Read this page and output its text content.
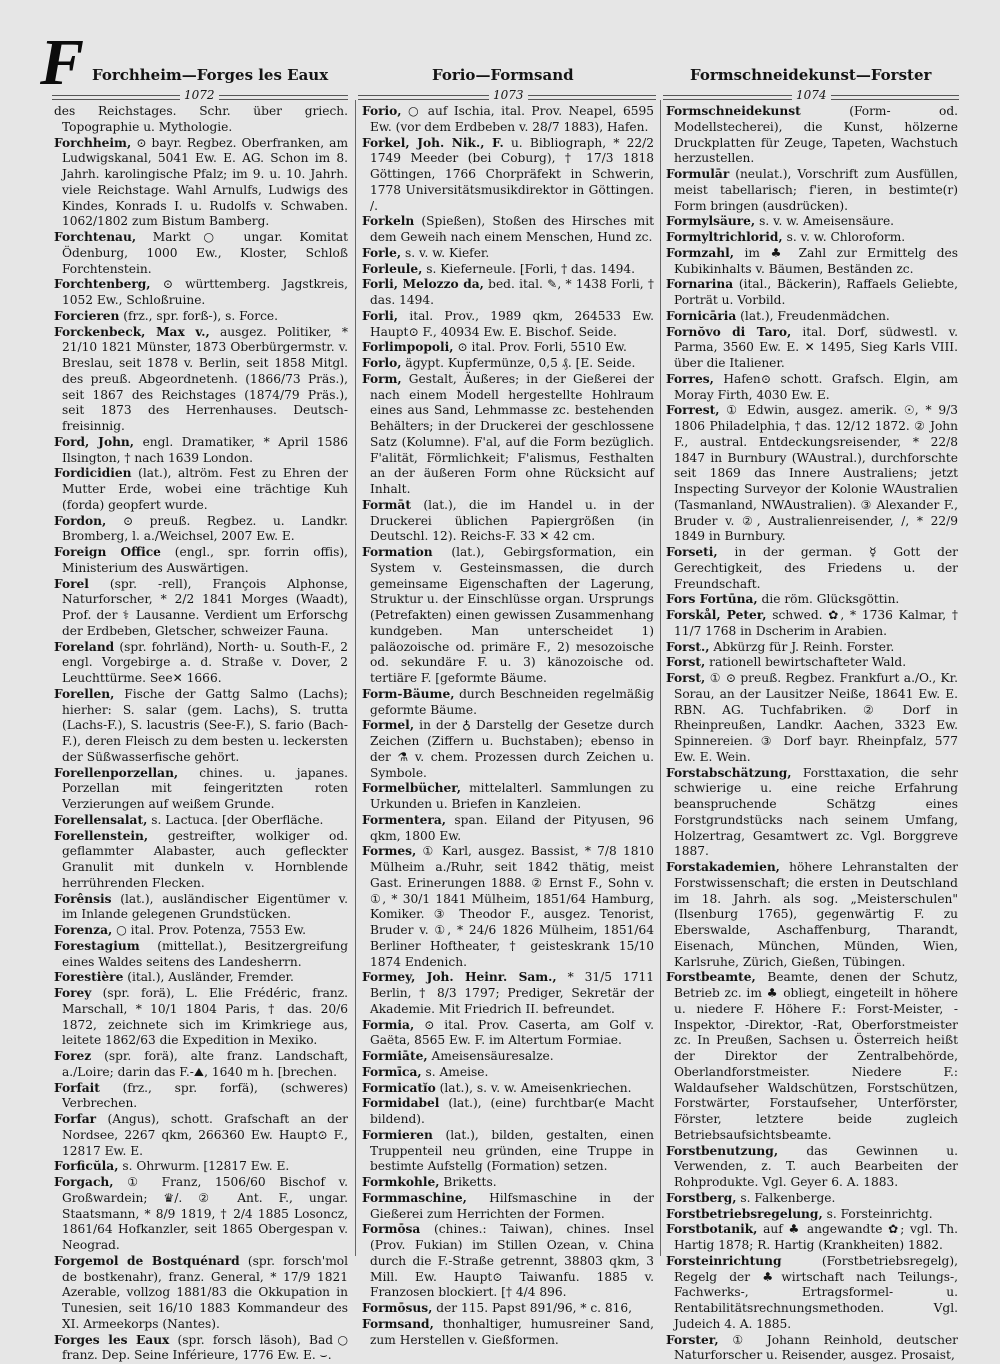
F Forchheim—Forges les Eaux	Forio—Formsand	Formschneidekunst—Forster
1072	1073	1074

des Reichstages. Schr. über griech. Topographie u. Mythologie.

Forchheim, ⊙ bayr. Regbez. Oberfranken, am Ludwigskanal, 5041 Ew. E. AG. Schon im 8. Jahrh. karolingische Pfalz; im 9. u. 10. Jahrh. viele Reichstage. Wahl Arnulfs, Ludwigs des Kindes, Konrads I. u. Rudolfs v. Schwaben. 1062/1802 zum Bistum Bamberg.

Forchtenau, Markt○ ungar. Komitat Ödenburg, 1000 Ew., Kloster, Schloß Forchtenstein.

Forchtenberg, ⊙ württemberg. Jagstkreis, 1052 Ew., Schloßruine.

Forcieren (frz., spr. forß-), s. Force.

Forckenbeck, Max v., ausgez. Politiker, * 21/10 1821 Münster, 1873 Oberbürgermstr. v. Breslau, seit 1878 v. Berlin, seit 1858 Mitgl. des preuß. Abgeordnetenh. (1866/73 Präs.), seit 1867 des Reichstages (1874/79 Präs.), seit 1873 des Herrenhauses. Deutsch-freisinnig.

Ford, John, engl. Dramatiker, * April 1586 Ilsington, † nach 1639 London.

Fordicidien (lat.), altröm. Fest zu Ehren der Mutter Erde, wobei eine trächtige Kuh (forda) geopfert wurde.

Fordon, ⊙ preuß. Regbez. u. Landkr. Bromberg, l. a./Weichsel, 2007 Ew. E.

Foreign Office (engl., spr. forrin offis), Ministerium des Auswärtigen.

Forel (spr. -rell), François Alphonse, Naturforscher, * 2/2 1841 Morges (Waadt), Prof. der ⚕ Lausanne. Verdient um Erforschg der Erdbeben, Gletscher, schweizer Fauna.

Foreland (spr. fohrländ), North- u. South-F., 2 engl. Vorgebirge a. d. Straße v. Dover, 2 Leuchttürme. See✕ 1666.

Forellen, Fische der Gattg Salmo (Lachs); hierher: S. salar (gem. Lachs), S. trutta (Lachs-F.), S. lacustris (See-F.), S. fario (Bach-F.), deren Fleisch zu dem besten u. leckersten der Süßwasserfische gehört.

Forellenporzellan, chines. u. japanes. Porzellan mit feingeritzten roten Verzierungen auf weißem Grunde.

Forellensalat, s. Lactuca. [der Oberfläche.

Forellenstein, gestreifter, wolkiger od. geflammter Alabaster, auch gefleckter Granulit mit dunkeln v. Hornblende herrührenden Flecken.

Forênsis (lat.), ausländischer Eigentümer v. im Inlande gelegenen Grundstücken.

Forenza, ○ ital. Prov. Potenza, 7553 Ew.

Forestagium (mittellat.), Besitzergreifung eines Waldes seitens des Landesherrn.

Forestière (ital.), Ausländer, Fremder.

Forey (spr. forä), L. Elie Frédéric, franz. Marschall, * 10/1 1804 Paris, † das. 20/6 1872, zeichnete sich im Krimkriege aus, leitete 1862/63 die Expedition in Mexiko.

Forez (spr. forä), alte franz. Landschaft, a./Loire; darin das F.-⛰, 1640 m h. [brechen.

Forfait (frz., spr. forfä), (schweres) Verbrechen.

Forfar (Angus), schott. Grafschaft an der Nordsee, 2267 qkm, 266360 Ew. Haupt⊙ F., 12817 Ew. E.

Forficŭla, s. Ohrwurm. [12817 Ew. E.

Forgach, ① Franz, 1506/60 Bischof v. Großwardein; ♛/. ② Ant. F., ungar. Staatsmann, * 8/9 1819, † 2/4 1885 Losoncz, 1861/64 Hofkanzler, seit 1865 Obergespan v. Neograd.

Forgemol de Bostquénard (spr. forsch'mol de bostkenahr), franz. General, * 17/9 1821 Azerable, vollzog 1881/83 die Okkupation in Tunesien, seit 16/10 1883 Kommandeur des XI. Armeekorps (Nantes).

Forges les Eaux (spr. forsch läsoh), Bad○ franz. Dep. Seine Inférieure, 1776 Ew. E. ⌣.

Forio, ○ auf Ischia, ital. Prov. Neapel, 6595 Ew. (vor dem Erdbeben v. 28/7 1883), Hafen.

Forkel, Joh. Nik., F. u. Bibliograph, * 22/2 1749 Meeder (bei Coburg), † 17/3 1818 Göttingen, 1766 Chorpräfekt in Schwerin, 1778 Universitätsmusikdirektor in Göttingen. /.

Forkeln (Spießen), Stoßen des Hirsches mit dem Geweih nach einem Menschen, Hund zc.

Forle, s. v. w. Kiefer.

Forleule, s. Kieferneule. [Forli, † das. 1494.

Forli, Melozzo da, bed. ital. ✎, * 1438 Forli, † das. 1494.

Forli, ital. Prov., 1989 qkm, 264533 Ew. Haupt⊙ F., 40934 Ew. E. Bischof. Seide.

Forlimpopoli, ⊙ ital. Prov. Forli, 5510 Ew.

Forlo, ägypt. Kupfermünze, 0,5 ₰. [E. Seide.

Form, Gestalt, Äußeres; in der Gießerei der nach einem Modell hergestellte Hohlraum eines aus Sand, Lehmmasse zc. bestehenden Behälters; in der Druckerei der geschlossene Satz (Kolumne). F'al, auf die Form bezüglich. F'alität, Förmlichkeit; F'alismus, Festhalten an der äußeren Form ohne Rücksicht auf Inhalt.

Formāt (lat.), die im Handel u. in der Druckerei üblichen Papiergrößen (in Deutschl. 12). Reichs-F. 33 ✕ 42 cm.

Formation (lat.), Gebirgsformation, ein System v. Gesteinsmassen, die durch gemeinsame Eigenschaften der Lagerung, Struktur u. der Einschlüsse organ. Ursprungs (Petrefakten) einen gewissen Zusammenhang kundgeben. Man unterscheidet 1) paläozoische od. primäre F., 2) mesozoische od. sekundäre F. u. 3) känozoische od. tertiäre F. [geformte Bäume.

Form-Bäume, durch Beschneiden regelmäßig geformte Bäume.

Formel, in der ♁ Darstellg der Gesetze durch Zeichen (Ziffern u. Buchstaben); ebenso in der ⚗ v. chem. Prozessen durch Zeichen u. Symbole.

Formelbücher, mittelalterl. Sammlungen zu Urkunden u. Briefen in Kanzleien.

Formentera, span. Eiland der Pityusen, 96 qkm, 1800 Ew.

Formes, ① Karl, ausgez. Bassist, * 7/8 1810 Mülheim a./Ruhr, seit 1842 thätig, meist Gast. Erinerungen 1888. ② Ernst F., Sohn v. ①, * 30/1 1841 Mülheim, 1851/64 Hamburg, Komiker. ③ Theodor F., ausgez. Tenorist, Bruder v. ①, * 24/6 1826 Mülheim, 1851/64 Berliner Hoftheater, † geisteskrank 15/10 1874 Endenich.

Formey, Joh. Heinr. Sam., * 31/5 1711 Berlin, † 8/3 1797; Prediger, Sekretär der Akademie. Mit Friedrich II. befreundet.

Formia, ⊙ ital. Prov. Caserta, am Golf v. Gaëta, 8565 Ew. F. im Altertum Formiae.

Formiāte, Ameisensäuresalze.

Formīca, s. Ameise.

Formicatĭo (lat.), s. v. w. Ameisenkriechen.

Formidabel (lat.), (eine) furchtbar(e Macht bildend).

Formieren (lat.), bilden, gestalten, einen Truppenteil neu gründen, eine Truppe in bestimte Aufstellg (Formation) setzen.

Formkohle, Briketts.

Formmaschine, Hilfsmaschine in der Gießerei zum Herrichten der Formen.

Formōsa (chines.: Taiwan), chines. Insel (Prov. Fukian) im Stillen Ozean, v. China durch die F.-Straße getrennt, 38803 qkm, 3 Mill. Ew. Haupt⊙ Taiwanfu. 1885 v. Franzosen blockiert. [† 4/4 896.

Formōsus, der 115. Papst 891/96, * c. 816,

Formsand, thonhaltiger, humusreiner Sand, zum Herstellen v. Gießformen.

Formschneidekunst	(Form- od. Modellstecherei), die Kunst, hölzerne Druckplatten für Zeuge, Tapeten, Wachstuch herzustellen.

Formulār (neulat.), Vorschrift zum Ausfüllen, meist tabellarisch; f'ieren, in bestimte(r) Form bringen (ausdrücken).

Formylsäure, s. v. w. Ameisensäure.

Formyltrichlorid, s. v. w. Chloroform.

Formzahl, im ♣ Zahl zur Ermittelg des Kubikinhalts v. Bäumen, Beständen zc.

Fornarina (ital., Bäckerin), Raffaels Geliebte, Porträt u. Vorbild.

Fornicāria (lat.), Freudenmädchen.

Fornŏvo di Taro, ital. Dorf, südwestl. v. Parma, 3560 Ew. E. ✕ 1495, Sieg Karls VIII. über die Italiener.

Forres, Hafen⊙ schott. Grafsch. Elgin, am Moray Firth, 4030 Ew. E.

Forrest, ① Edwin, ausgez. amerik. ☉, * 9/3 1806 Philadelphia, † das. 12/12 1872. ② John F., austral. Entdeckungsreisender, * 22/8 1847 in Burnbury (WAustral.), durchforschte seit 1869 das Innere Australiens; jetzt Inspecting Surveyor der Kolonie WAustralien (Tasmanland, NWAustralien). ③ Alexander F., Bruder v. ②, Australienreisender, /, * 22/9 1849 in Burnbury.

Forseti, in der german. ☿ Gott der Gerechtigkeit, des Friedens u. der Freundschaft.

Fors Fortūna, die röm. Glücksgöttin.

Forskål, Peter, schwed. ✿, * 1736 Kalmar, † 11/7 1768 in Dscherim in Arabien.

Forst., Abkürzg für J. Reinh. Forster.

Forst, rationell bewirtschafteter Wald.

Forst, ① ⊙ preuß. Regbez. Frankfurt a./O., Kr. Sorau, an der Lausitzer Neiße, 18641 Ew. E. RBN. AG. Tuchfabriken. ② Dorf in Rheinpreußen, Landkr. Aachen, 3323 Ew. Spinnereien. ③ Dorf bayr. Rheinpfalz, 577 Ew. E. Wein.

Forstabschätzung, Forsttaxation, die sehr schwierige u. eine reiche Erfahrung beanspruchende Schätzg eines Forstgrundstücks nach seinem Umfang, Holzertrag, Gesamtwert zc. Vgl. Borggreve 1887.

Forstakademien, höhere Lehranstalten der Forstwissenschaft; die ersten in Deutschland im 18. Jahrh. als sog. „Meisterschulen" (Ilsenburg 1765), gegenwärtig F. zu Eberswalde, Aschaffenburg, Tharandt, Eisenach, München, Münden, Wien, Karlsruhe, Zürich, Gießen, Tübingen.

Forstbeamte, Beamte, denen der Schutz, Betrieb zc. im ♣ obliegt, eingeteilt in höhere u. niedere F. Höhere F.: Forst-Meister, -Inspektor, -Direktor, -Rat, Oberforstmeister zc. In Preußen, Sachsen u. Österreich heißt der Direktor der Zentralbehörde, Oberlandforstmeister. Niedere F.: Waldaufseher Waldschützen, Forstschützen, Forstwärter, Forstaufseher, Unterförster, Förster, letztere beide zugleich Betriebsaufsichtsbeamte.

Forstbenutzung, das Gewinnen u. Verwenden, z. T. auch Bearbeiten der Rohprodukte. Vgl. Geyer 6. A. 1883.

Forstberg, s. Falkenberge.

Forstbetriebsregelung, s. Forsteinrichtg.

Forstbotanik, auf ♣ angewandte ✿; vgl. Th. Hartig 1878; R. Hartig (Krankheiten) 1882.

Forsteinrichtung	(Forstbetriebsregelg), Regelg der ♣wirtschaft nach Teilungs-, Fachwerks-, Ertragsformel- u. Rentabilitätsrechnungsmethoden. Vgl. Judeich 4. A. 1885.

Forster, ① Johann Reinhold, deutscher Naturforscher u. Reisender, ausgez. Prosaist,
